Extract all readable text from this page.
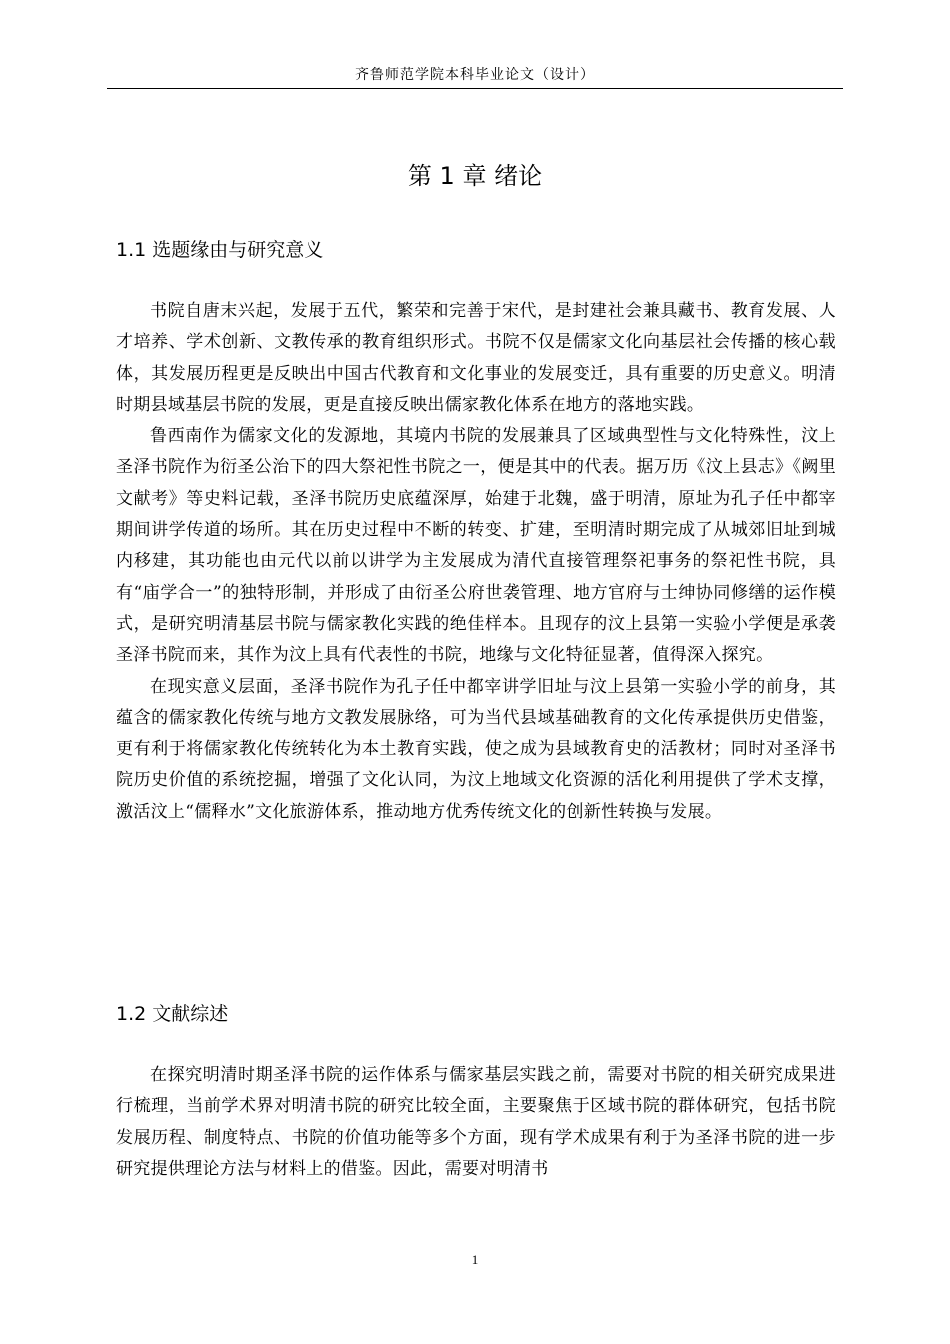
齐鲁师范学院本科毕业论文（设计）
第 1 章 绪论
1.1 选题缘由与研究意义

书院自唐末兴起，发展于五代，繁荣和完善于宋代，是封建社会兼具藏书、教育发展、人才培养、学术创新、文教传承的教育组织形式。书院不仅是儒家文化向基层社会传播的核心载体，其发展历程更是反映出中国古代教育和文化事业的发展变迁，具有重要的历史意义。明清时期县域基层书院的发展，更是直接反映出儒家教化体系在地方的落地实践。

鲁西南作为儒家文化的发源地，其境内书院的发展兼具了区域典型性与文化特殊性，汶上圣泽书院作为衍圣公治下的四大祭祀性书院之一，便是其中的代表。据万历《汶上县志》《阙里文献考》等史料记载，圣泽书院历史底蕴深厚，始建于北魏，盛于明清，原址为孔子任中都宰期间讲学传道的场所。其在历史过程中不断的转变、扩建，至明清时期完成了从城郊旧址到城内移建，其功能也由元代以前以讲学为主发展成为清代直接管理祭祀事务的祭祀性书院，具有“庙学合一”的独特形制，并形成了由衍圣公府世袭管理、地方官府与士绅协同修缮的运作模式，是研究明清基层书院与儒家教化实践的绝佳样本。且现存的汶上县第一实验小学便是承袭圣泽书院而来，其作为汶上具有代表性的书院，地缘与文化特征显著，值得深入探究。

在现实意义层面，圣泽书院作为孔子任中都宰讲学旧址与汶上县第一实验小学的前身，其蕴含的儒家教化传统与地方文教发展脉络，可为当代县域基础教育的文化传承提供历史借鉴，更有利于将儒家教化传统转化为本土教育实践，使之成为县域教育史的活教材；同时对圣泽书院历史价值的系统挖掘，增强了文化认同，为汶上地域文化资源的活化利用提供了学术支撑，激活汶上“儒释水”文化旅游体系，推动地方优秀传统文化的创新性转换与发展。

1.2 文献综述

在探究明清时期圣泽书院的运作体系与儒家基层实践之前，需要对书院的相关研究成果进行梳理，当前学术界对明清书院的研究比较全面，主要聚焦于区域书院的群体研究，包括书院发展历程、制度特点、书院的价值功能等多个方面，现有学术成果有利于为圣泽书院的进一步研究提供理论方法与材料上的借鉴。因此，需要对明清书

1
